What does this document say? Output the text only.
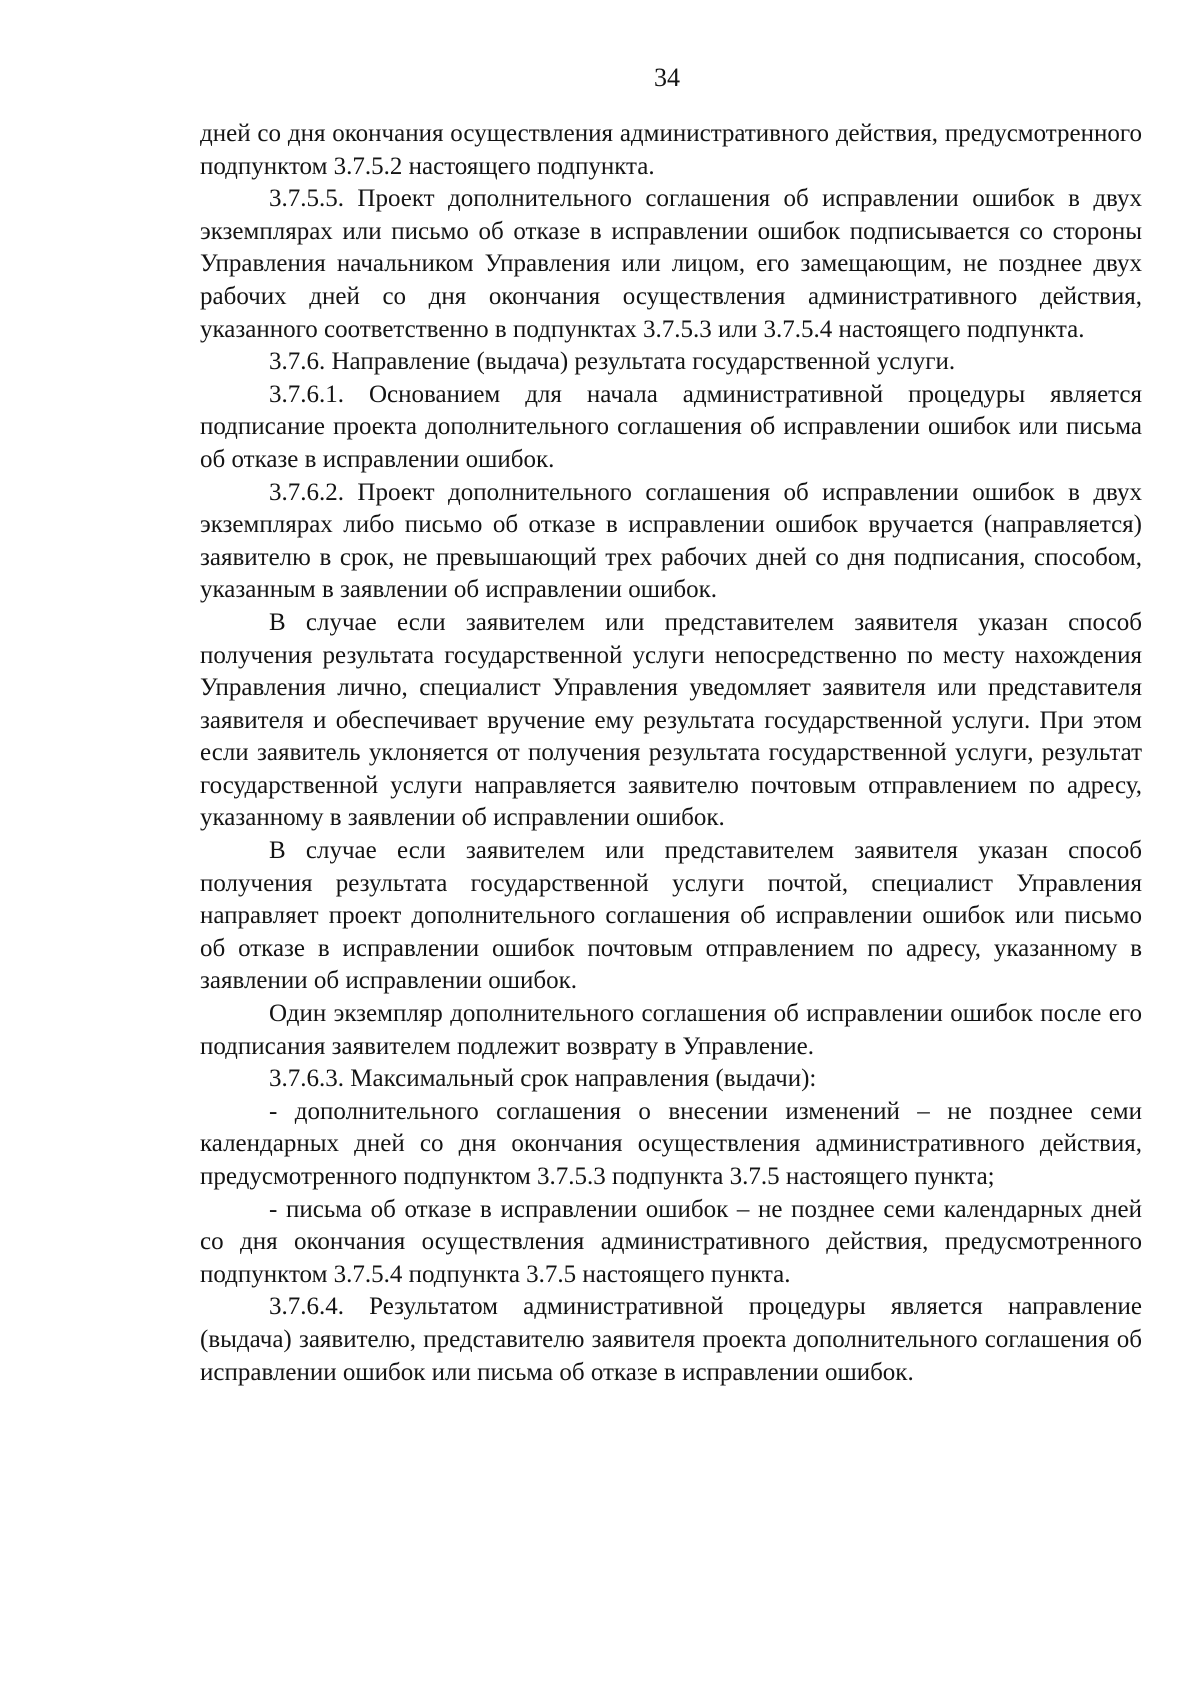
34

дней со дня окончания осуществления административного действия, предусмотренного подпунктом 3.7.5.2 настоящего подпункта.

3.7.5.5. Проект дополнительного соглашения об исправлении ошибок в двух экземплярах или письмо об отказе в исправлении ошибок подписывается со стороны Управления начальником Управления или лицом, его замещающим, не позднее двух рабочих дней со дня окончания осуществления административного действия, указанного соответственно в подпунктах 3.7.5.3 или 3.7.5.4 настоящего подпункта.

3.7.6. Направление (выдача) результата государственной услуги.

3.7.6.1. Основанием для начала административной процедуры является подписание проекта дополнительного соглашения об исправлении ошибок или письма об отказе в исправлении ошибок.

3.7.6.2. Проект дополнительного соглашения об исправлении ошибок в двух экземплярах либо письмо об отказе в исправлении ошибок вручается (направляется) заявителю в срок, не превышающий трех рабочих дней со дня подписания, способом, указанным в заявлении об исправлении ошибок.

В случае если заявителем или представителем заявителя указан способ получения результата государственной услуги непосредственно по месту нахождения Управления лично, специалист Управления уведомляет заявителя или представителя заявителя и обеспечивает вручение ему результата государственной услуги. При этом если заявитель уклоняется от получения результата государственной услуги, результат государственной услуги направляется заявителю почтовым отправлением по адресу, указанному в заявлении об исправлении ошибок.

В случае если заявителем или представителем заявителя указан способ получения результата государственной услуги почтой, специалист Управления направляет проект дополнительного соглашения об исправлении ошибок или письмо об отказе в исправлении ошибок почтовым отправлением по адресу, указанному в заявлении об исправлении ошибок.

Один экземпляр дополнительного соглашения об исправлении ошибок после его подписания заявителем подлежит возврату в Управление.

3.7.6.3. Максимальный срок направления (выдачи):

- дополнительного соглашения о внесении изменений – не позднее семи календарных дней со дня окончания осуществления административного действия, предусмотренного подпунктом 3.7.5.3 подпункта 3.7.5 настоящего пункта;

- письма об отказе в исправлении ошибок – не позднее семи календарных дней со дня окончания осуществления административного действия, предусмотренного подпунктом 3.7.5.4 подпункта 3.7.5 настоящего пункта.

3.7.6.4. Результатом административной процедуры является направление (выдача) заявителю, представителю заявителя проекта дополнительного соглашения об исправлении ошибок или письма об отказе в исправлении ошибок.
